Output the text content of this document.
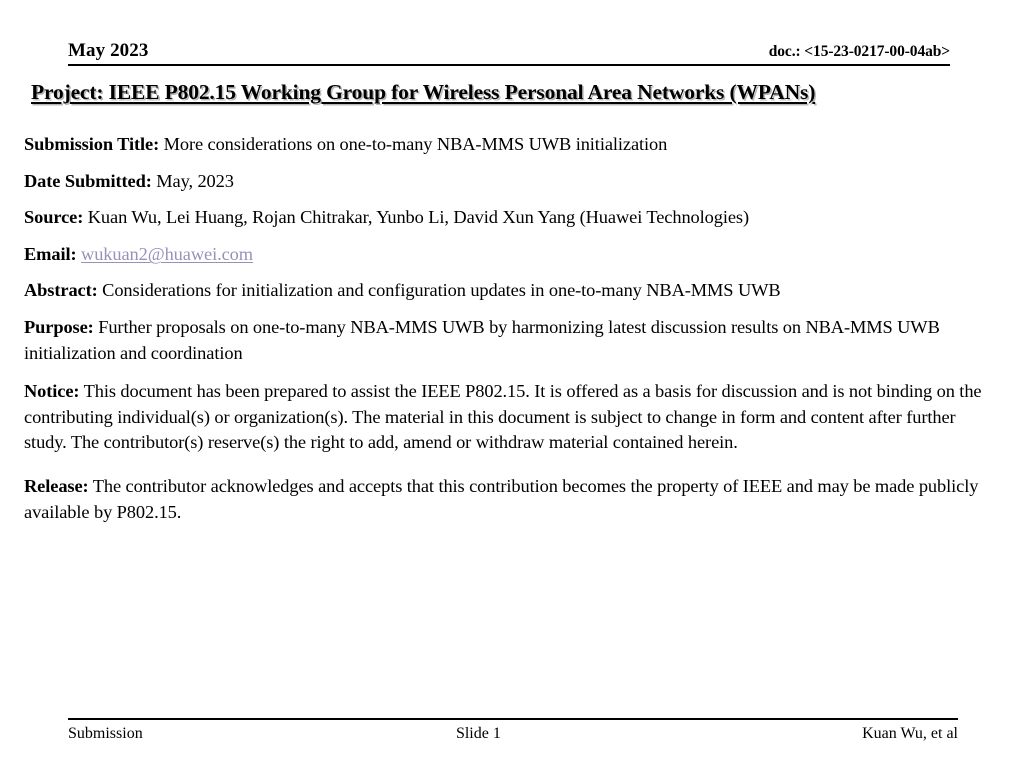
May 2023	doc.: <15-23-0217-00-04ab>
Project: IEEE P802.15 Working Group for Wireless Personal Area Networks (WPANs)

Submission Title: More considerations on one-to-many NBA-MMS UWB initialization

Date Submitted: May, 2023

Source: Kuan Wu, Lei Huang, Rojan Chitrakar, Yunbo Li, David Xun Yang (Huawei Technologies)

Email: wukuan2@huawei.com

Abstract: Considerations for initialization and configuration updates in one-to-many NBA-MMS UWB

Purpose: Further proposals on one-to-many NBA-MMS UWB by harmonizing latest discussion results on NBA-MMS UWB initialization and coordination

Notice: This document has been prepared to assist the IEEE P802.15. It is offered as a basis for discussion and is not binding on the contributing individual(s) or organization(s). The material in this document is subject to change in form and content after further study. The contributor(s) reserve(s) the right to add, amend or withdraw material contained herein.

Release: The contributor acknowledges and accepts that this contribution becomes the property of IEEE and may be made publicly available by P802.15.

Submission	Slide 1	Kuan Wu, et al
